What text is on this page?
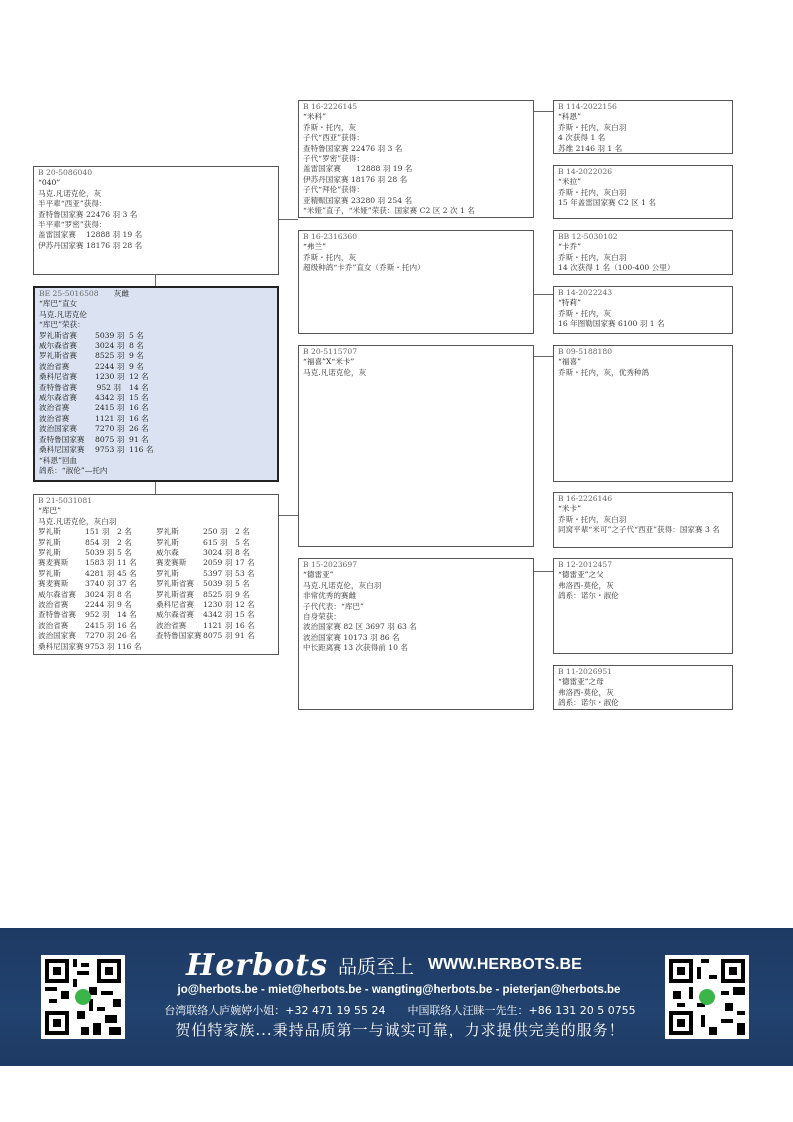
BE 25-5016508　　 灰雌
“库巴”直女
马克.凡诺克伦
“库巴”荣获：
罗礼斯省赛	5039 羽 5 名
威尔森省赛	3024 羽 8 名
罗礼斯省赛	8525 羽 9 名
波治省赛	2244 羽 9 名
桑科尼省赛	1230 羽 12 名
查特鲁省赛	952 羽 14 名
威尔森省赛	4342 羽 15 名
波治省赛	2415 羽 16 名
波治省赛	1121 羽 16 名
波治国家赛	7270 羽 26 名
查特鲁国家赛	8075 羽 91 名
桑科尼国家赛	9753 羽 116 名
“科恩”回血
鸽系：“淑伦”—托内
B 20-5086040
“040”
马克.凡诺克伦，灰
半平辈“西亚”获得：
查特鲁国家赛 22476 羽 3 名
半平辈“罗密”获得：
盖雷国家赛　 12888 羽 19 名
伊苏丹国家赛 18176 羽 28 名
B 21-5031081
“库巴”
马克.凡诺克伦，灰白羽
罗礼斯	151 羽 2 名
罗礼斯	854 羽 2 名
罗礼斯	5039 羽 5 名
赛麦赛斯	1583 羽 11 名
罗礼斯	4281 羽 45 名
赛麦赛斯	3740 羽 37 名
威尔森省赛	3024 羽 8 名
波治省赛	2244 羽 9 名
查特鲁省赛	952 羽 14 名
波治省赛	2415 羽 16 名
波治国家赛	7270 羽 26 名
桑科尼国家赛 9753 羽 116 名
罗礼斯	250 羽 2 名
罗礼斯	615 羽 5 名
威尔森	3024 羽 8 名
赛麦赛斯	2059 羽 17 名
罗礼斯	5397 羽 53 名
罗礼斯省赛	5039 羽 5 名
罗礼斯省赛	8525 羽 9 名
桑科尼省赛	1230 羽 12 名
威尔森省赛	4342 羽 15 名
波治省赛	1121 羽 16 名
查特鲁国家赛 8075 羽 91 名
B 16-2226145
“米科”
乔斯・托内，灰
子代“西亚”获得：
查特鲁国家赛 22476 羽 3 名
子代“罗密”获得：
盖雷国家赛　　12888 羽 19 名
伊苏丹国家赛 18176 羽 28 名
子代“拜伦”获得：
亚精赈国家赛 23280 羽 254 名
“米娅”直子，“米娅”荣获：国家赛 C2 区 2 次 1 名
B 16-2316360
“弗兰”
乔斯・托内，灰
超级种鸽“卡乔”直女（乔斯・托内）
B 20-5115707
“福喜”X“米卡”
马克.凡诺克伦，灰
B 15-2023697
“德雷亚”
马克.凡诺克伦，灰白羽
非常优秀的赛雌
子代代表：“库巴”
自身荣获：
波治国家赛 82 区 3697 羽 63 名
波治国家赛 10173 羽 86 名
中长距离赛 13 次获得前 10 名
B 114-2022156
“科恩”
乔斯・托内，灰白羽
4 次获得 1 名
苏维 2146 羽 1 名
B 14-2022026
“米拉”
乔斯・托内，灰白羽
15 年盖雷国家赛 C2 区 1 名
BB 12-5030102
“卡乔”
乔斯・托内，灰白羽
14 次获得 1 名（100-400 公里）
B 14-2022243
“特莉”
乔斯・托内，灰
16 年图勒国家赛 6100 羽 1 名
B 09-5188180
“福喜”
乔斯・托内，灰，优秀种鸽
B 16-2226146
“米卡”
乔斯・托内，灰白羽
同窝平辈“米可”之子代“西亚”获得：国家赛 3 名
B 12-2012457
“德雷亚”之父
弗洛西-莫伦，灰
鸽系：诺尔・淑伦
B 11-2026951
“德雷亚”之母
弗洛西-莫伦，灰
鸽系：诺尔・淑伦
Herbots 品质至上 WWW.HERBOTS.BE
jo@herbots.be - miet@herbots.be - wangting@herbots.be - pieterjan@herbots.be
台湾联络人庐婉婷小姐：+32 471 19 55 24　　中国联络人汪睐一先生：+86 131 20 5 0755
贺伯特家族...秉持品质第一与诚实可靠，力求提供完美的服务！
